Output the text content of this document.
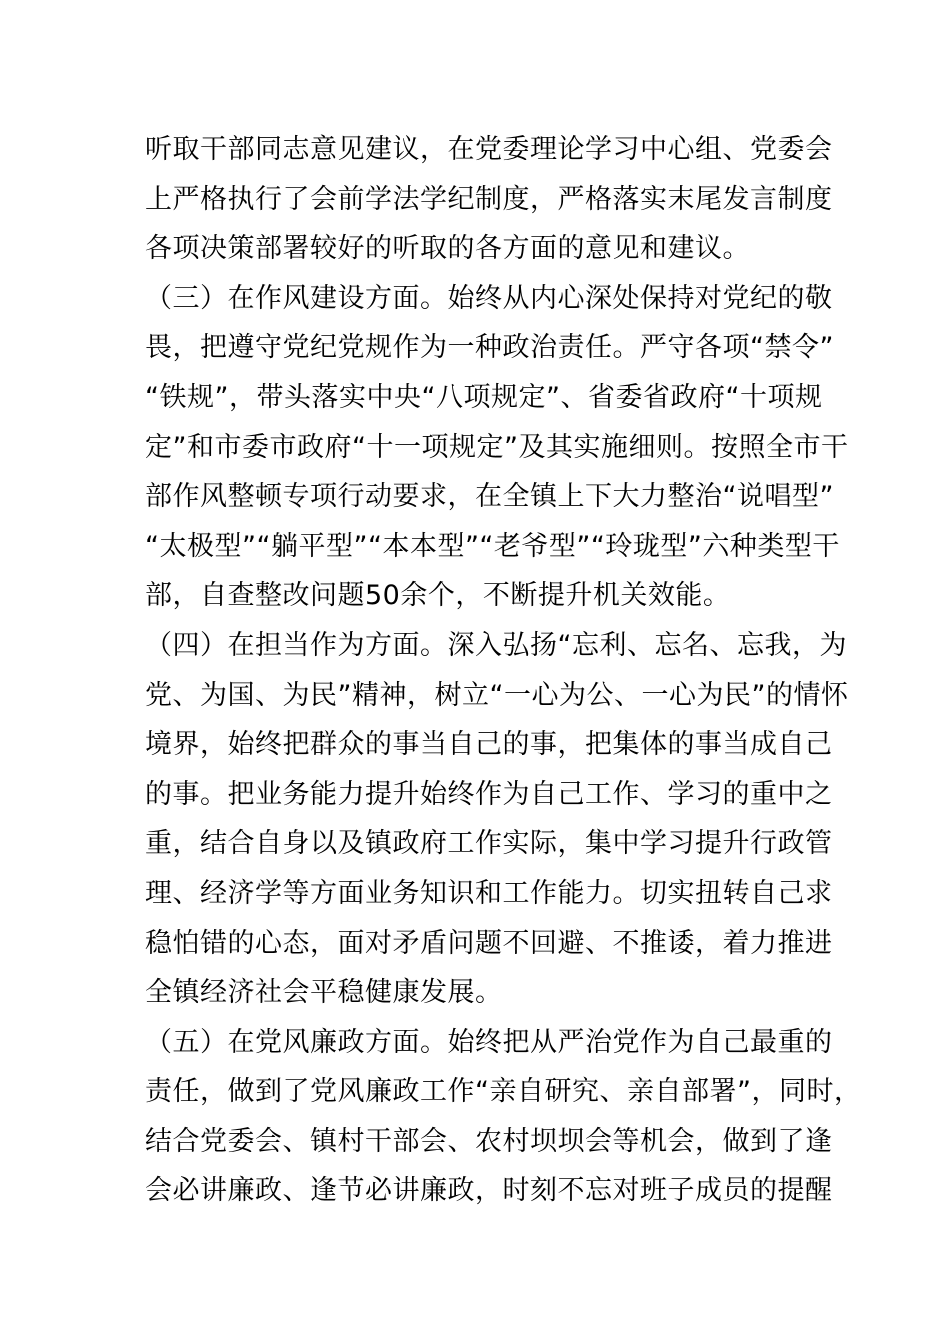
听取干部同志意见建议，在党委理论学习中心组、党委会
上严格执行了会前学法学纪制度，严格落实末尾发言制度
各项决策部署较好的听取的各方面的意见和建议。
（三）在作风建设方面。始终从内心深处保持对党纪的敬
畏，把遵守党纪党规作为一种政治责任。严守各项“禁令”
“铁规”，带头落实中央“八项规定”、省委省政府“十项规
定”和市委市政府“十一项规定”及其实施细则。按照全市干
部作风整顿专项行动要求，在全镇上下大力整治“说唱型”
“太极型”“躺平型”“本本型”“老爷型”“玲珑型”六种类型干
部，自查整改问题50余个，不断提升机关效能。
（四）在担当作为方面。深入弘扬“忘利、忘名、忘我，为
党、为国、为民”精神，树立“一心为公、一心为民”的情怀
境界，始终把群众的事当自己的事，把集体的事当成自己
的事。把业务能力提升始终作为自己工作、学习的重中之
重，结合自身以及镇政府工作实际，集中学习提升行政管
理、经济学等方面业务知识和工作能力。切实扭转自己求
稳怕错的心态，面对矛盾问题不回避、不推诿，着力推进
全镇经济社会平稳健康发展。
（五）在党风廉政方面。始终把从严治党作为自己最重的
责任，做到了党风廉政工作“亲自研究、亲自部署”，同时，
结合党委会、镇村干部会、农村坝坝会等机会，做到了逢
会必讲廉政、逢节必讲廉政，时刻不忘对班子成员的提醒
